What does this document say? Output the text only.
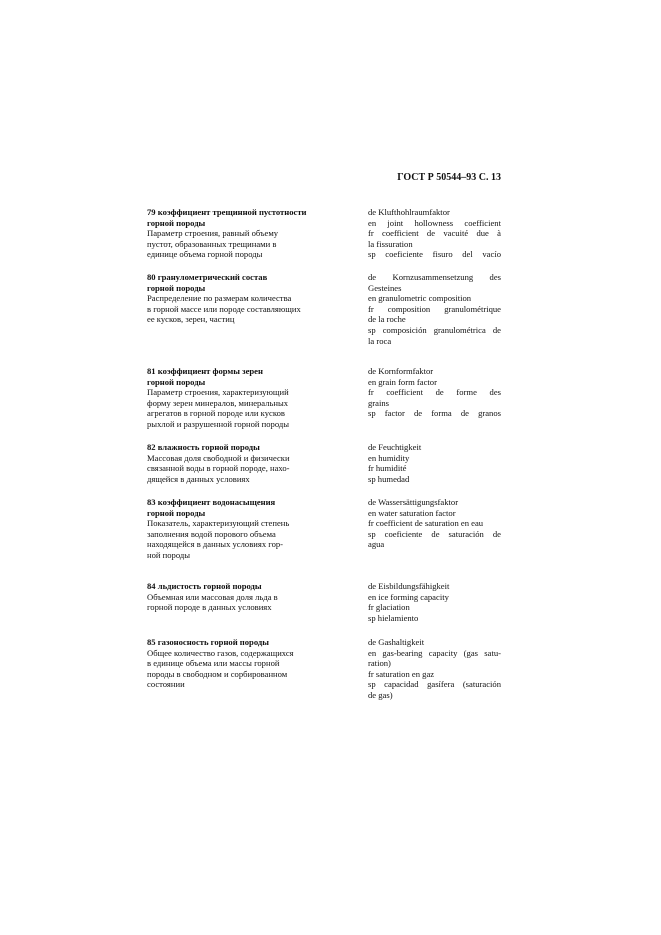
ГОСТ Р 50544–93 С. 13
79 коэффициент трещинной пустотности
горной породы
Параметр строения, равный объему
пустот, образованных трещинами в
единице объема горной породы
de Klufthohlraumfaktor
en joint hollowness coefficient
fr coefficient de vacuité due à
la fissuration
sp coeficiente fisuro del vacío
80 гранулометрический состав
горной породы
Распределение по размерам количества
в горной массе или породе составляющих
ее кусков, зерен, частиц
de Kornzusammensetzung des
Gesteines
en granulometric composition
fr composition granulométrique
de la roche
sp composición granulométrica de
la roca
81 коэффициент формы зерен
горной породы
Параметр строения, характеризующий
форму зерен минералов, минеральных
агрегатов в горной породе или кусков
рыхлой и разрушенной горной породы
de Kornformfaktor
en grain form factor
fr coefficient de forme des
grains
sp factor de forma de granos
82 влажность горной породы
Массовая доля свободной и физически
связанной воды в горной породе, нахо-
дящейся в данных условиях
de Feuchtigkeit
en humidity
fr humidité
sp humedad
83 коэффициент водонасыщения
горной породы
Показатель, характеризующий степень
заполнения водой порового объема
находящейся в данных условиях гор-
ной породы
de Wassersättigungsfaktor
en water saturation factor
fr coefficient de saturation en eau
sp coeficiente de saturación de
agua
84 льдистость горной породы
Объемная или массовая доля льда в
горной породе в данных условиях
de Eisbildungsfähigkeit
en ice forming capacity
fr glaciation
sp hielamiento
85 газоносность горной породы
Общее количество газов, содержащихся
в единице объема или массы горной
породы в свободном и сорбированном
состоянии
de Gashaltigkeit
en gas-bearing capacity (gas satu-
ration)
fr saturation en gaz
sp capacidad gasífera (saturación
de gas)
